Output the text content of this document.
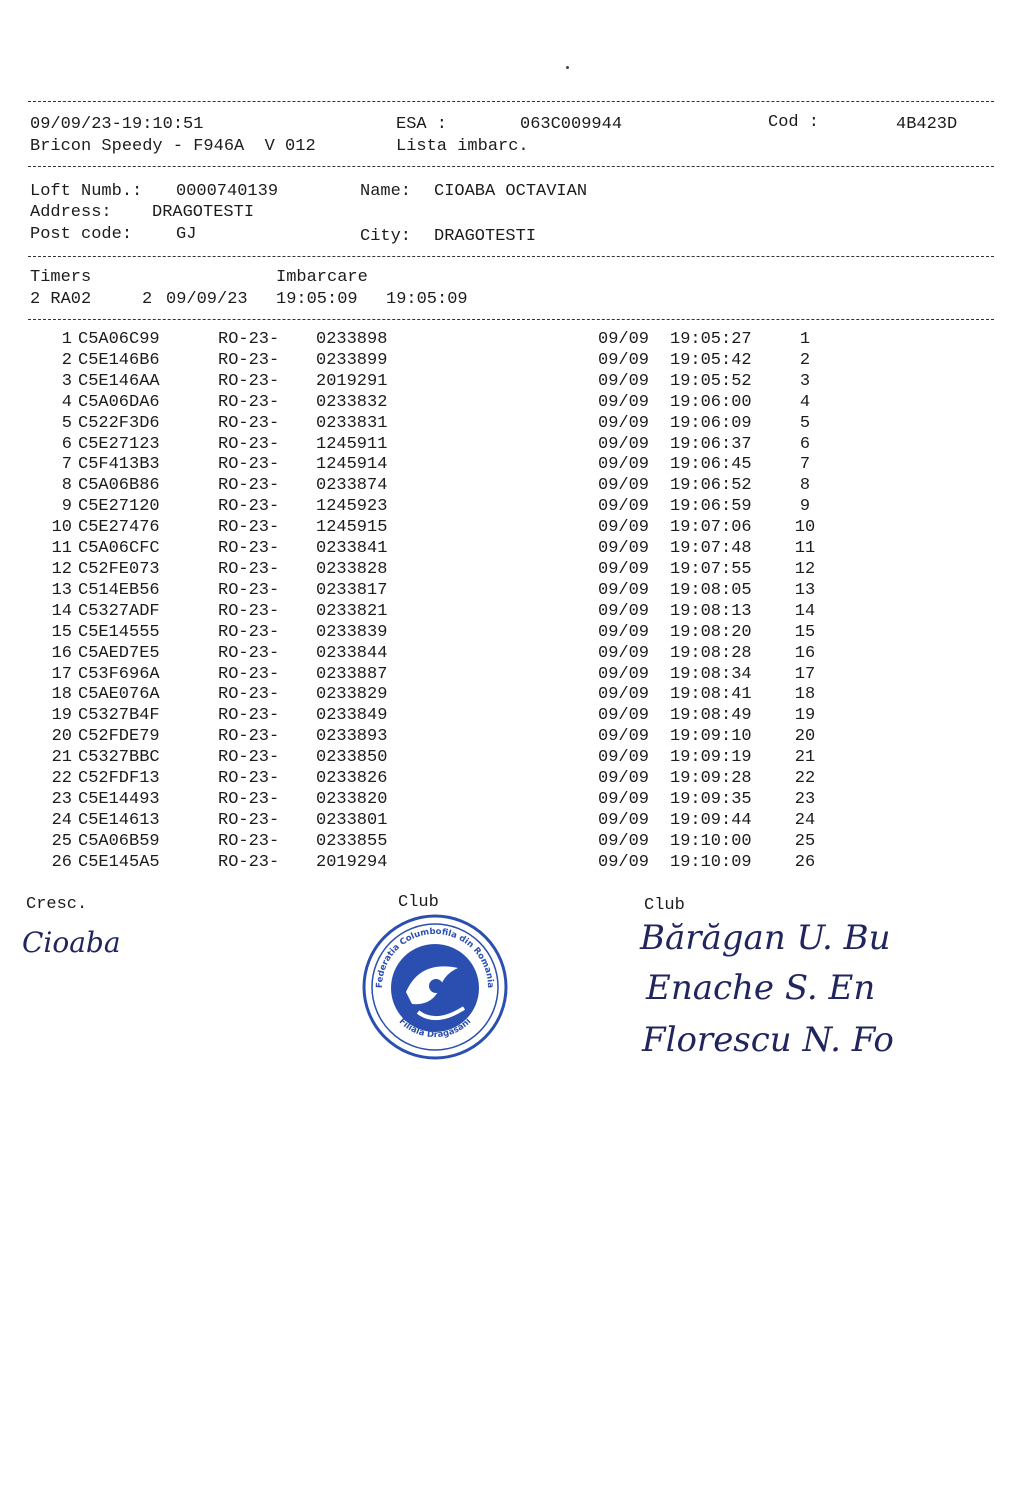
09/09/23-19:10:51	ESA :	063C009944	Cod :	4B423D
Bricon Speedy - F946A  V 012	Lista imbarc.
Loft Numb.: 0000740139	Name: CIOABA OCTAVIAN
Address: DRAGOTESTI
Post code:	GJ	City: DRAGOTESTI
Timers	Imbarcare
2 RA02	2 09/09/23 19:05:09 19:05:09
1	C5A06C99	RO-23-	0233898	09/09	19:05:27	1
2	C5E146B6	RO-23-	0233899	09/09	19:05:42	2
3	C5E146AA	RO-23-	2019291	09/09	19:05:52	3
4	C5A06DA6	RO-23-	0233832	09/09	19:06:00	4
5	C522F3D6	RO-23-	0233831	09/09	19:06:09	5
6	C5E27123	RO-23-	1245911	09/09	19:06:37	6
7	C5F413B3	RO-23-	1245914	09/09	19:06:45	7
8	C5A06B86	RO-23-	0233874	09/09	19:06:52	8
9	C5E27120	RO-23-	1245923	09/09	19:06:59	9
10	C5E27476	RO-23-	1245915	09/09	19:07:06	10
11	C5A06CFC	RO-23-	0233841	09/09	19:07:48	11
12	C52FE073	RO-23-	0233828	09/09	19:07:55	12
13	C514EB56	RO-23-	0233817	09/09	19:08:05	13
14	C5327ADF	RO-23-	0233821	09/09	19:08:13	14
15	C5E14555	RO-23-	0233839	09/09	19:08:20	15
16	C5AED7E5	RO-23-	0233844	09/09	19:08:28	16
17	C53F696A	RO-23-	0233887	09/09	19:08:34	17
18	C5AE076A	RO-23-	0233829	09/09	19:08:41	18
19	C5327B4F	RO-23-	0233849	09/09	19:08:49	19
20	C52FDE79	RO-23-	0233893	09/09	19:09:10	20
21	C5327BBC	RO-23-	0233850	09/09	19:09:19	21
22	C52FDF13	RO-23-	0233826	09/09	19:09:28	22
23	C5E14493	RO-23-	0233820	09/09	19:09:35	23
24	C5E14613	RO-23-	0233801	09/09	19:09:44	24
25	C5A06B59	RO-23-	0233855	09/09	19:10:00	25
26	C5E145A5	RO-23-	2019294	09/09	19:10:09	26
Cresc.	Club	Club
Cioaba
Federatia Columbofila din Romania
Filiala Dragasani
Bărăgan U. Bu
Enache S. En
Florescu N. Fo
